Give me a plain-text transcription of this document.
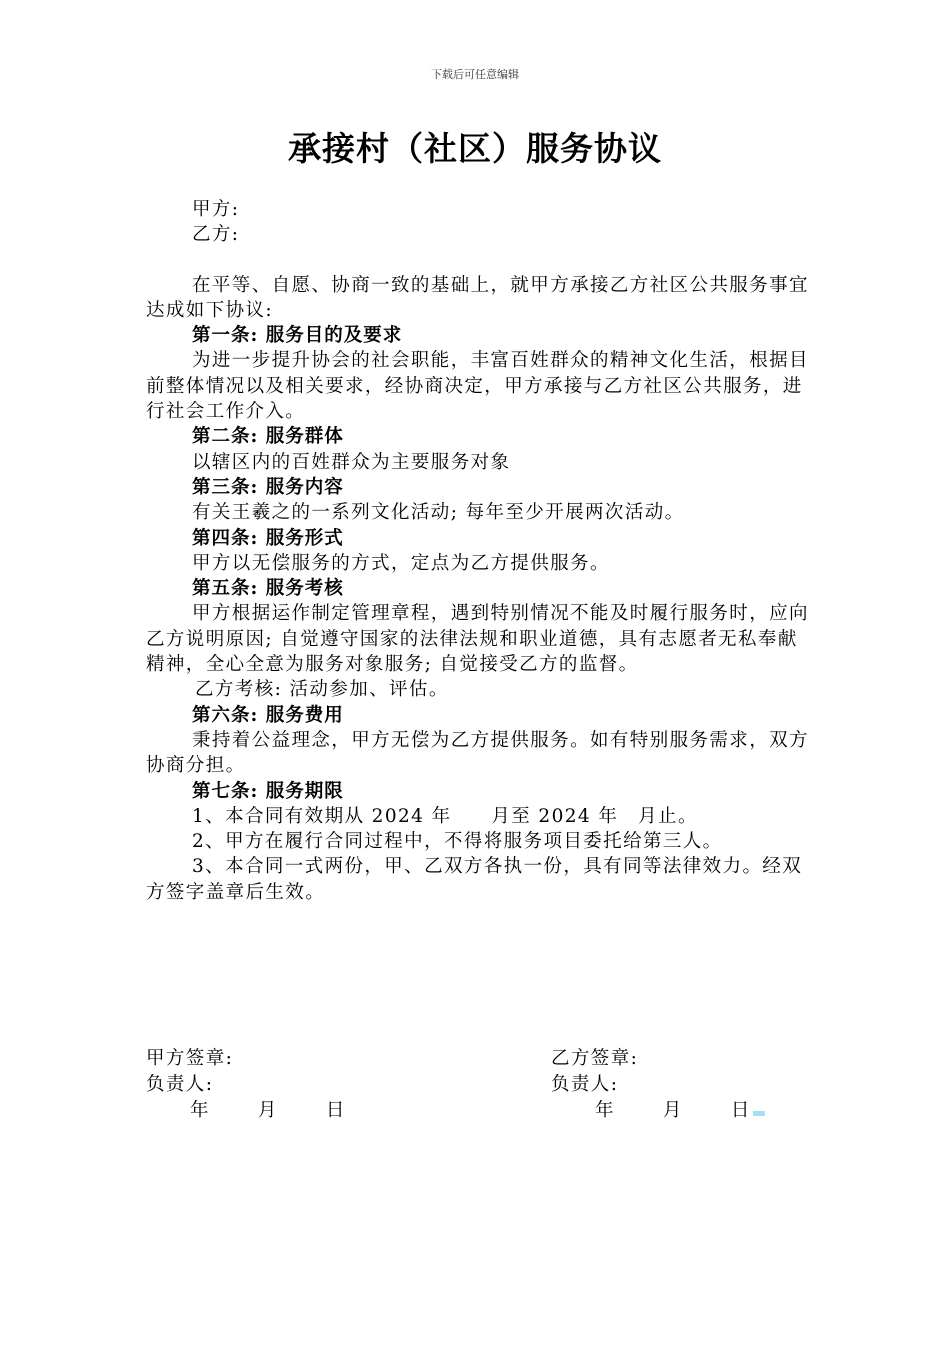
下载后可任意编辑
承接村（社区）服务协议

甲方:

乙方:

在平等、自愿、协商一致的基础上，就甲方承接乙方社区公共服务事宜达成如下协议:

第一条: 服务目的及要求

为进一步提升协会的社会职能，丰富百姓群众的精神文化生活，根据目前整体情况以及相关要求，经协商决定，甲方承接与乙方社区公共服务，进行社会工作介入。

第二条: 服务群体

以辖区内的百姓群众为主要服务对象

第三条: 服务内容

有关王羲之的一系列文化活动; 每年至少开展两次活动。

第四条: 服务形式

甲方以无偿服务的方式，定点为乙方提供服务。

第五条: 服务考核

甲方根据运作制定管理章程，遇到特别情况不能及时履行服务时，应向乙方说明原因; 自觉遵守国家的法律法规和职业道德，具有志愿者无私奉献精神，全心全意为服务对象服务; 自觉接受乙方的监督。

乙方考核: 活动参加、评估。

第六条: 服务费用

秉持着公益理念，甲方无偿为乙方提供服务。如有特别服务需求，双方协商分担。

第七条: 服务期限

1、本合同有效期从 2024 年　　月至 2024 年　月止。

2、甲方在履行合同过程中，不得将服务项目委托给第三人。

3、本合同一式两份，甲、乙双方各执一份，具有同等法律效力。经双方签字盖章后生效。

甲方签章:
负责人:
年	月	日
乙方签章:
负责人:
年	月	日
